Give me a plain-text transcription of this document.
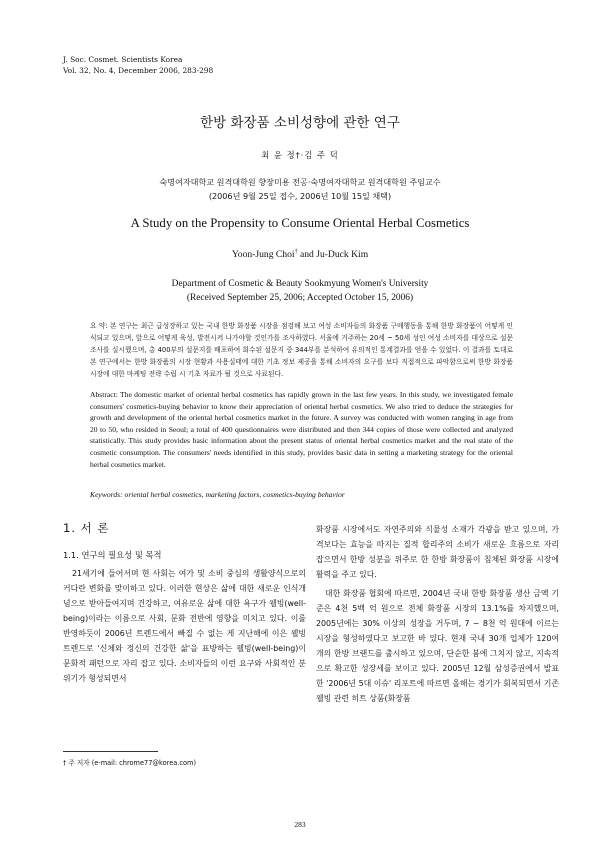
J. Soc. Cosmet. Scientists Korea
Vol. 32, No. 4, December 2006, 283-298
한방 화장품 소비성향에 관한 연구
최 윤 정†·김 주 덕
숙명여자대학교 원격대학원 향장미용 전공·숙명여자대학교 원격대학원 주임교수
(2006년 9월 25일 접수, 2006년 10월 15일 채택)
A Study on the Propensity to Consume Oriental Herbal Cosmetics
Yoon-Jung Choi† and Ju-Duck Kim
Department of Cosmetic & Beauty Sookmyung Women's University
(Received September 25, 2006; Accepted October 15, 2006)
요 약: 본 연구는 최근 급성장하고 있는 국내 한방 화장품 시장을 점검해 보고 여성 소비자들의 화장품 구매행동을 통해 한방 화장품이 어떻게 인식되고 있으며, 앞으로 어떻게 육성, 발전시켜 나가야할 것인가를 조사하였다. 서울에 거주하는 20세 ~ 50세 성인 여성 소비자를 대상으로 설문조사를 실시했으며, 총 400부의 설문지를 배포하여 회수된 설문지 중 344부를 분석하여 유의적인 통계결과를 얻을 수 있었다. 이 결과를 토대로 본 연구에서는 한방 화장품의 시장 현황과 사용실태에 대한 기초 정보 제공을 통해 소비자의 요구를 보다 직접적으로 파악함으로써 한방 화장품 시장에 대한 마케팅 전략 수립 시 기초 자료가 될 것으로 사료된다.
Abstract: The domestic market of oriental herbal cosmetics has rapidly grown in the last few years. In this study, we investigated female consumers' cosmetics-buying behavior to know their appreciation of oriental herbal cosmetics. We also tried to deduce the strategies for growth and development of the oriental herbal cosmetics market in the future. A survey was conducted with women ranging in age from 20 to 50, who resided in Seoul; a total of 400 questionnaires were distributed and then 344 copies of those were collected and analyzed statistically. This study provides basic information about the present status of oriental herbal cosmetics market and the real state of the cosmetic consumption. The consumers' needs identified in this study, provides basic data in setting a marketing strategy for the oriental herbal cosmetics market.
Keywords: oriental herbal cosmetics, marketing factors, cosmetics-buying behavior
1. 서 론
1.1. 연구의 필요성 및 목적

21세기에 들어서며 현 사회는 여가 및 소비 중심의 생활양식으로의 커다란 변화를 맞이하고 있다. 이러한 현상은 삶에 대한 새로운 인식개념으로 받아들여지며 건강하고, 여유로운 삶에 대한 욕구가 웰빙(well-being)이라는 이름으로 사회, 문화 전반에 영향을 미치고 있다. 이를 반영하듯이 2006년 트렌드에서 빠질 수 없는 게 지난해에 이은 웰빙 트렌드로 '신체와 정신의 건강한 삶'을 표방하는 웰빙(well-being)이 문화적 패턴으로 자리 잡고 있다. 소비자들의 이런 요구와 사회적인 분위기가 형성되면서

화장품 시장에서도 자연주의와 식물성 소재가 각광을 받고 있으며, 가격보다는 효능을 따지는 질적 합리주의 소비가 새로운 흐름으로 자리 잡으면서 한방 성분을 위주로 한 한방 화장품이 침체된 화장품 시장에 활력을 주고 있다.

대한 화장품 협회에 따르면, 2004년 국내 한방 화장품 생산 금액 기준은 4천 5백 억 원으로 전체 화장품 시장의 13.1%를 차지했으며, 2005년에는 30% 이상의 성장을 거두며, 7 ~ 8천 억 원대에 이르는 시장을 형성하였다고 보고한 바 있다. 현재 국내 30개 업체가 120여 개의 한방 브랜드를 출시하고 있으며, 단순한 붐에 그치지 않고, 지속적으로 확고한 성장세를 보이고 있다. 2005년 12월 삼성증권에서 발표한 '2006년 5대 이슈' 리포트에 따르면 올해는 경기가 회복되면서 기존 웰빙 관련 히트 상품(화장품

† 주 저자 (e-mail: chrome77@korea.com)
283
